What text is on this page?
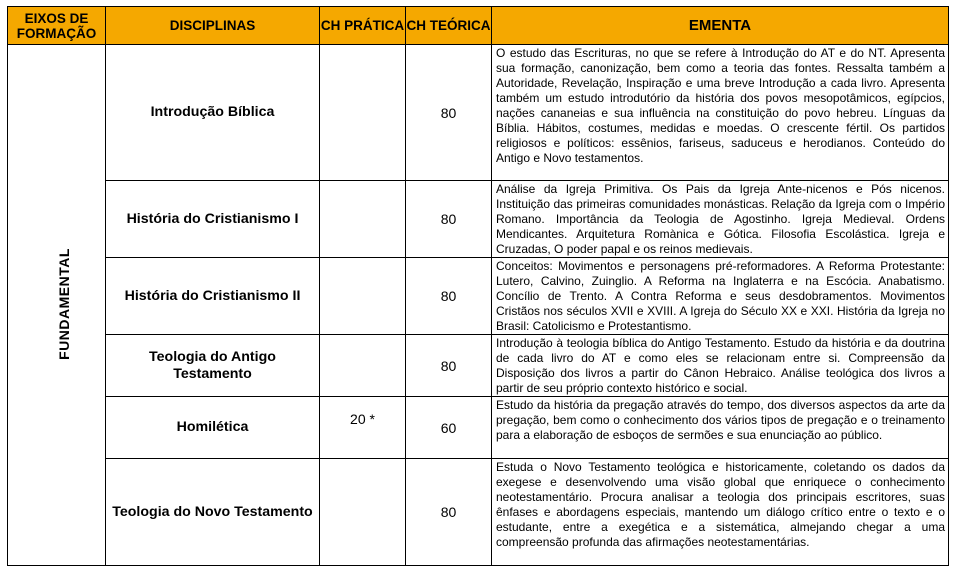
EIXOS DE FORMAÇÃO	DISCIPLINAS	CH PRÁTICA	CH TEÓRICA	EMENTA
FUNDAMENTAL	Introdução Bíblica		80	O estudo das Escrituras, no que se refere à Introdução do AT e do NT. Apresenta sua formação, canonização, bem como a teoria das fontes. Ressalta também a Autoridade, Revelação, Inspiração e uma breve Introdução a cada livro. Apresenta também um estudo introdutório da história dos povos mesopotâmicos, egípcios, nações cananeias e sua influência na constituição do povo hebreu. Línguas da Bíblia. Hábitos, costumes, medidas e moedas. O crescente fértil. Os partidos religiosos e políticos: essênios, fariseus, saduceus e herodianos. Conteúdo do Antigo e Novo testamentos.
	História do Cristianismo I		80	Análise da Igreja Primitiva. Os Pais da Igreja Ante-nicenos e Pós nicenos. Instituição das primeiras comunidades monásticas. Relação da Igreja com o Império Romano. Importância da Teologia de Agostinho. Igreja Medieval. Ordens Mendicantes. Arquitetura Romànica e Gótica. Filosofia Escolástica. Igreja e Cruzadas, O poder papal e os reinos medievais.
	História do Cristianismo II		80	Conceitos: Movimentos e personagens pré-reformadores. A Reforma Protestante: Lutero, Calvino, Zuinglio. A Reforma na Inglaterra e na Escócia. Anabatismo. Concílio de Trento. A Contra Reforma e seus desdobramentos. Movimentos Cristãos nos séculos XVII e XVIII. A Igreja do Século XX e XXI. História da Igreja no Brasil: Catolicismo e Protestantismo.
	Teologia do Antigo Testamento		80	Introdução à teologia bíblica do Antigo Testamento. Estudo da história e da doutrina de cada livro do AT e como eles se relacionam entre si. Compreensão da Disposição dos livros a partir do Cânon Hebraico. Análise teológica dos livros a partir de seu próprio contexto histórico e social.
	Homilética	20 *	60	Estudo da história da pregação através do tempo, dos diversos aspectos da arte da pregação, bem como o conhecimento dos vários tipos de pregação e o treinamento para a elaboração de esboços de sermões e sua enunciação ao público.
	Teologia do Novo Testamento		80	Estuda o Novo Testamento teológica e historicamente, coletando os dados da exegese e desenvolvendo uma visão global que enriquece o conhecimento neotestamentário. Procura analisar a teologia dos principais escritores, suas ênfases e abordagens especiais, mantendo um diálogo crítico entre o texto e o estudante, entre a exegética e a sistemática, almejando chegar a uma compreensão profunda das afirmações neotestamentárias.
